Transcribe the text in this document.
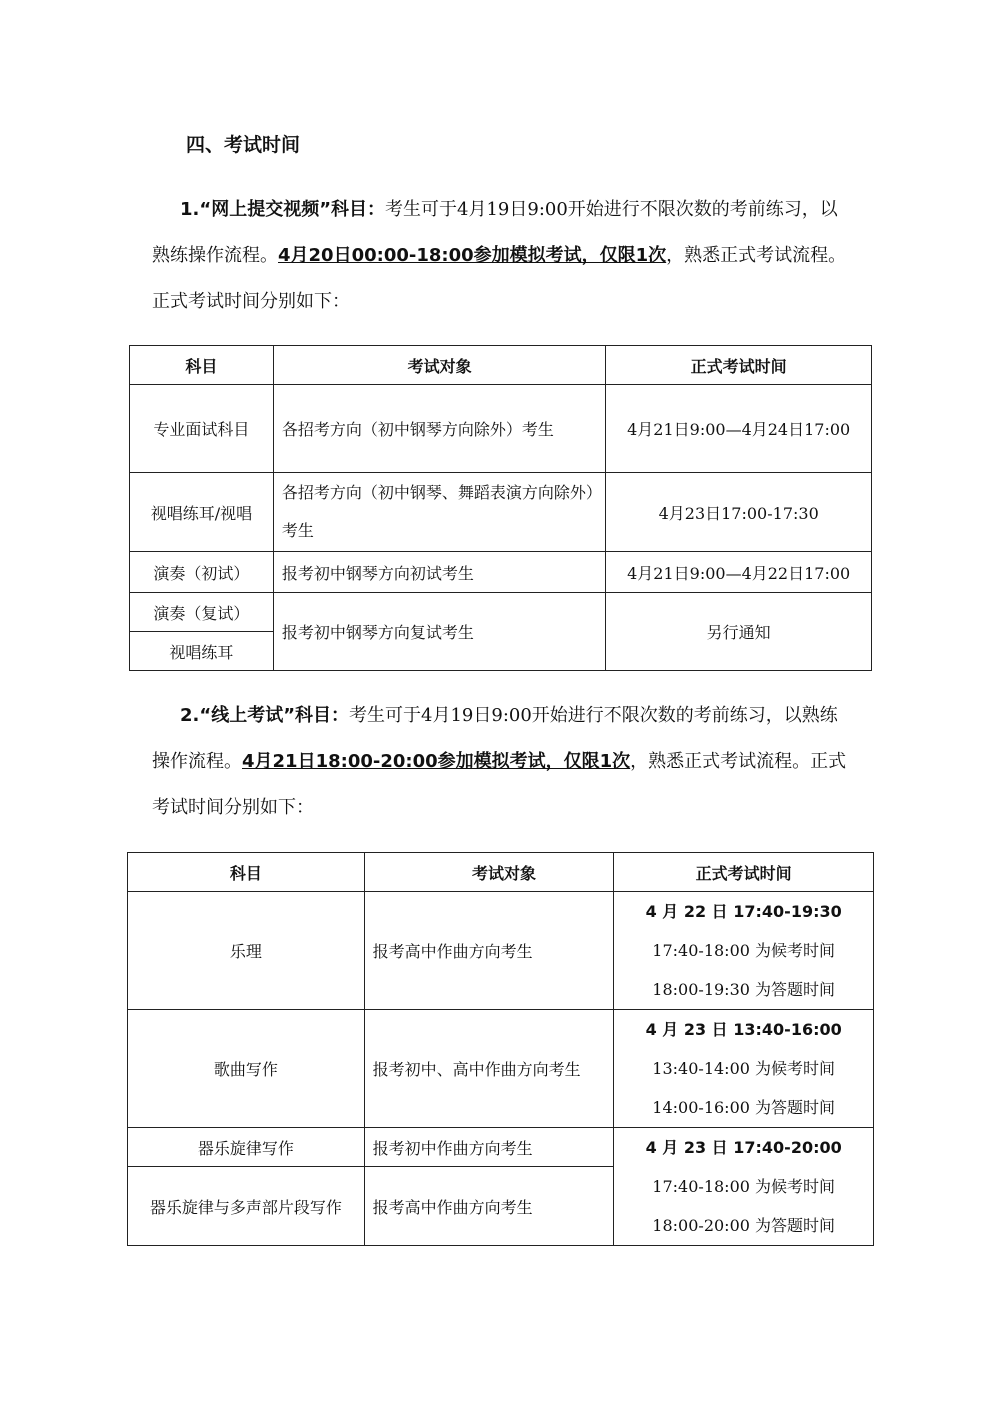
四、考试时间
1.“网上提交视频”科目：考生可于4月19日9:00开始进行不限次数的考前练习，以熟练操作流程。4月20日00:00-18:00参加模拟考试，仅限1次，熟悉正式考试流程。正式考试时间分别如下：
科目	考试对象	正式考试时间
专业面试科目	各招考方向（初中钢琴方向除外）考生	4月21日9:00—4月24日17:00
视唱练耳/视唱	各招考方向（初中钢琴、舞蹈表演方向除外）考生	4月23日17:00-17:30
演奏（初试）	报考初中钢琴方向初试考生	4月21日9:00—4月22日17:00
演奏（复试）	报考初中钢琴方向复试考生	另行通知
视唱练耳		
2.“线上考试”科目：考生可于4月19日9:00开始进行不限次数的考前练习，以熟练操作流程。4月21日18:00-20:00参加模拟考试，仅限1次，熟悉正式考试流程。正式考试时间分别如下：
科目	考试对象	正式考试时间
乐理	报考高中作曲方向考生	4 月 22 日 17:40-19:30
17:40-18:00 为候考时间
18:00-19:30 为答题时间

歌曲写作	报考初中、高中作曲方向考生	4 月 23 日 13:40-16:00
13:40-14:00 为候考时间
14:00-16:00 为答题时间

器乐旋律写作	报考初中作曲方向考生	4 月 23 日 17:40-20:00
17:40-18:00 为候考时间
18:00-20:00 为答题时间

器乐旋律与多声部片段写作	报考高中作曲方向考生	
